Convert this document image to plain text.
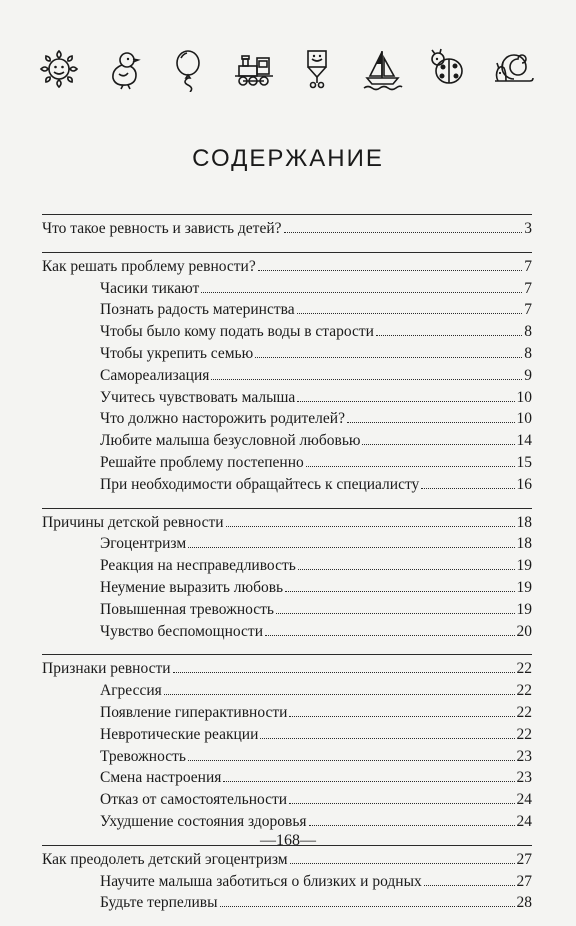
СОДЕРЖАНИЕ
Что такое ревность и зависть детей?	3
Как решать проблему ревности?	7
Часики тикают	7
Познать радость материнства	7
Чтобы было кому подать воды в старости	8
Чтобы укрепить семью	8
Самореализация	9
Учитесь чувствовать малыша	10
Что должно насторожить родителей?	10
Любите малыша безусловной любовью	14
Решайте проблему постепенно	15
При необходимости обращайтесь к специалисту	16
Причины детской ревности	18
Эгоцентризм	18
Реакция на несправедливость	19
Неумение выразить любовь	19
Повышенная тревожность	19
Чувство беспомощности	20
Признаки ревности	22
Агрессия	22
Появление гиперактивности	22
Невротические реакции	22
Тревожность	23
Смена настроения	23
Отказ от самостоятельности	24
Ухудшение состояния здоровья	24
Как преодолеть детский эгоцентризм	27
Научите малыша заботиться о близких и родных	27
Будьте терпеливы	28
—168—
